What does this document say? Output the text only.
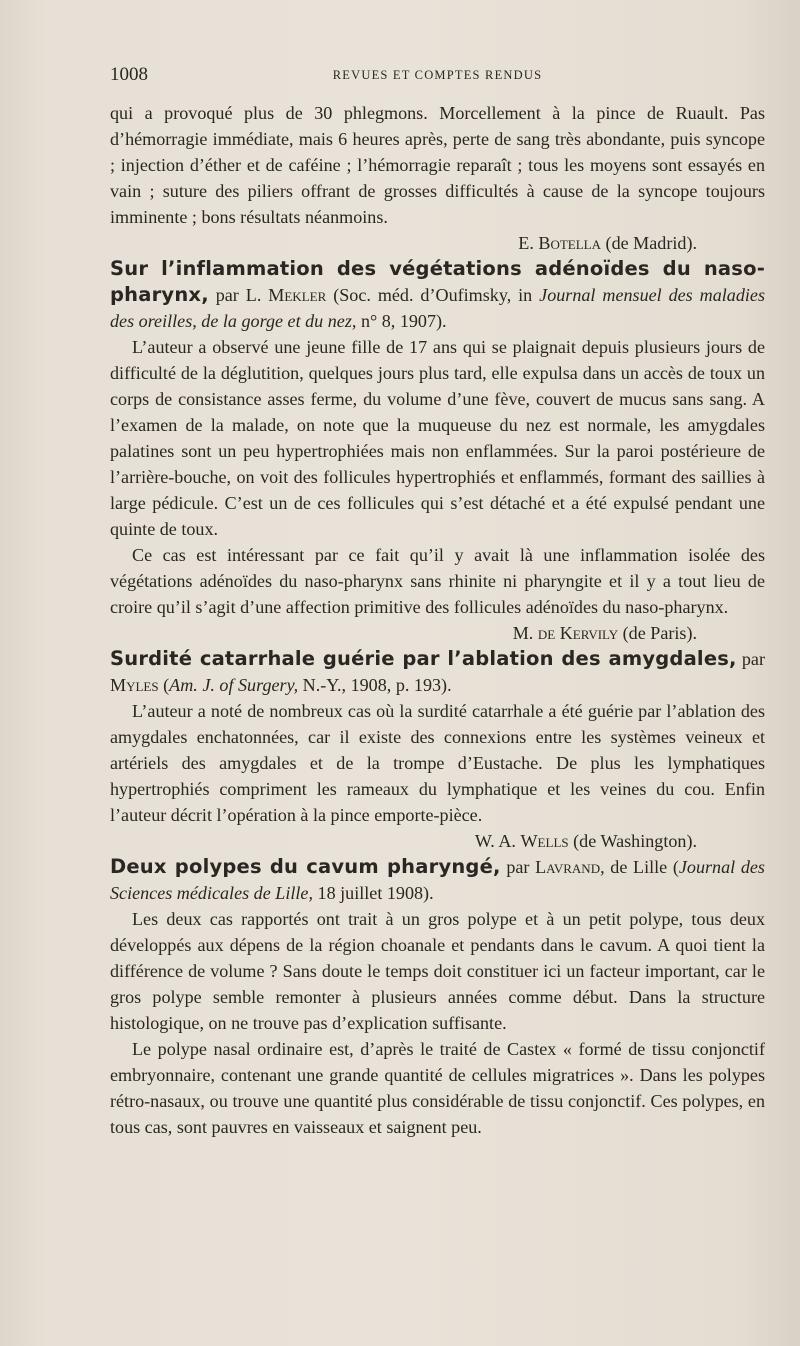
1008	REVUES ET COMPTES RENDUS

qui a provoqué plus de 30 phlegmons. Morcellement à la pince de Ruault. Pas d’hémorragie immédiate, mais 6 heures après, perte de sang très abondante, puis syncope ; injection d’éther et de caféine ; l’hémorragie reparaît ; tous les moyens sont essayés en vain ; suture des piliers offrant de grosses difficultés à cause de la syncope toujours imminente ; bons résultats néanmoins.

E. Botella (de Madrid).

Sur l’inflammation des végétations adénoïdes du naso-pharynx, par L. Mekler (Soc. méd. d’Oufimsky, in Journal mensuel des maladies des oreilles, de la gorge et du nez, n° 8, 1907).

L’auteur a observé une jeune fille de 17 ans qui se plaignait depuis plusieurs jours de difficulté de la déglutition, quelques jours plus tard, elle expulsa dans un accès de toux un corps de consistance asses ferme, du volume d’une fève, couvert de mucus sans sang. A l’examen de la malade, on note que la muqueuse du nez est normale, les amygdales palatines sont un peu hypertrophiées mais non enflammées. Sur la paroi postérieure de l’arrière-bouche, on voit des follicules hypertrophiés et enflammés, formant des saillies à large pédicule. C’est un de ces follicules qui s’est détaché et a été expulsé pendant une quinte de toux.

Ce cas est intéressant par ce fait qu’il y avait là une inflammation isolée des végétations adénoïdes du naso-pharynx sans rhinite ni pharyngite et il y a tout lieu de croire qu’il s’agit d’une affection primitive des follicules adénoïdes du naso-pharynx.

M. de Kervily (de Paris).

Surdité catarrhale guérie par l’ablation des amygdales, par Myles (Am. J. of Surgery, N.-Y., 1908, p. 193).

L’auteur a noté de nombreux cas où la surdité catarrhale a été guérie par l’ablation des amygdales enchatonnées, car il existe des connexions entre les systèmes veineux et artériels des amygdales et de la trompe d’Eustache. De plus les lymphatiques hypertrophiés compriment les rameaux du lymphatique et les veines du cou. Enfin l’auteur décrit l’opération à la pince emporte-pièce.

W. A. Wells (de Washington).

Deux polypes du cavum pharyngé, par Lavrand, de Lille (Journal des Sciences médicales de Lille, 18 juillet 1908).

Les deux cas rapportés ont trait à un gros polype et à un petit polype, tous deux développés aux dépens de la région choanale et pendants dans le cavum. A quoi tient la différence de volume ? Sans doute le temps doit constituer ici un facteur important, car le gros polype semble remonter à plusieurs années comme début. Dans la structure histologique, on ne trouve pas d’explication suffisante.

Le polype nasal ordinaire est, d’après le traité de Castex « formé de tissu conjonctif embryonnaire, contenant une grande quantité de cellules migratrices ». Dans les polypes rétro-nasaux, ou trouve une quantité plus considérable de tissu conjonctif. Ces polypes, en tous cas, sont pauvres en vaisseaux et saignent peu.
